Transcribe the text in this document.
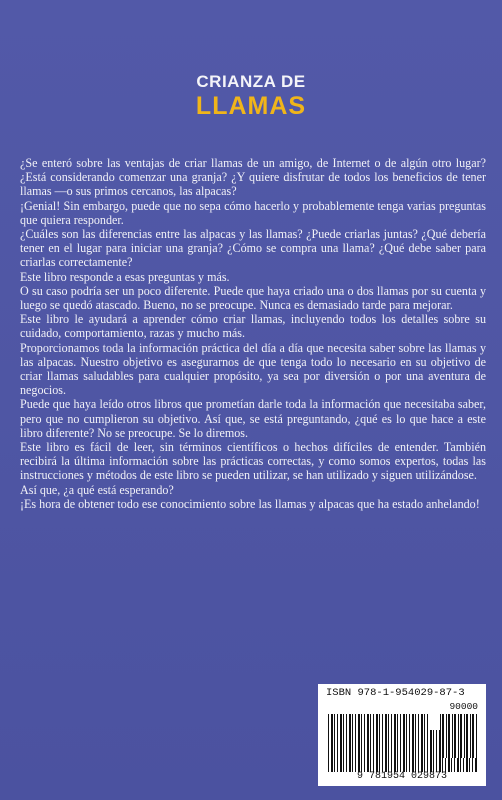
CRIANZA DE
LLAMAS

¿Se enteró sobre las ventajas de criar llamas de un amigo, de Internet o de algún otro lugar? ¿Está considerando comenzar una granja? ¿Y quiere disfrutar de todos los beneficios de tener llamas —o sus primos cercanos, las alpacas?

¡Genial! Sin embargo, puede que no sepa cómo hacerlo y probablemente tenga varias preguntas que quiera responder.

¿Cuáles son las diferencias entre las alpacas y las llamas? ¿Puede criarlas juntas? ¿Qué debería tener en el lugar para iniciar una granja? ¿Cómo se compra una llama? ¿Qué debe saber para criarlas correctamente?

Este libro responde a esas preguntas y más.

O su caso podría ser un poco diferente. Puede que haya criado una o dos llamas por su cuenta y luego se quedó atascado. Bueno, no se preocupe. Nunca es demasiado tarde para mejorar.

Este libro le ayudará a aprender cómo criar llamas, incluyendo todos los detalles sobre su cuidado, comportamiento, razas y mucho más.

Proporcionamos toda la información práctica del día a día que necesita saber sobre las llamas y las alpacas. Nuestro objetivo es asegurarnos de que tenga todo lo necesario en su objetivo de criar llamas saludables para cualquier propósito, ya sea por diversión o por una aventura de negocios.

Puede que haya leído otros libros que prometían darle toda la información que necesitaba saber, pero que no cumplieron su objetivo. Así que, se está preguntando, ¿qué es lo que hace a este libro diferente? No se preocupe. Se lo diremos.

Este libro es fácil de leer, sin términos científicos o hechos difíciles de entender. También recibirá la última información sobre las prácticas correctas, y como somos expertos, todas las instrucciones y métodos de este libro se pueden utilizar, se han utilizado y siguen utilizándose.

Así que, ¿a qué está esperando?

¡Es hora de obtener todo ese conocimiento sobre las llamas y alpacas que ha estado anhelando!

ISBN 978-1-954029-87-3
90000
9 781954 029873
